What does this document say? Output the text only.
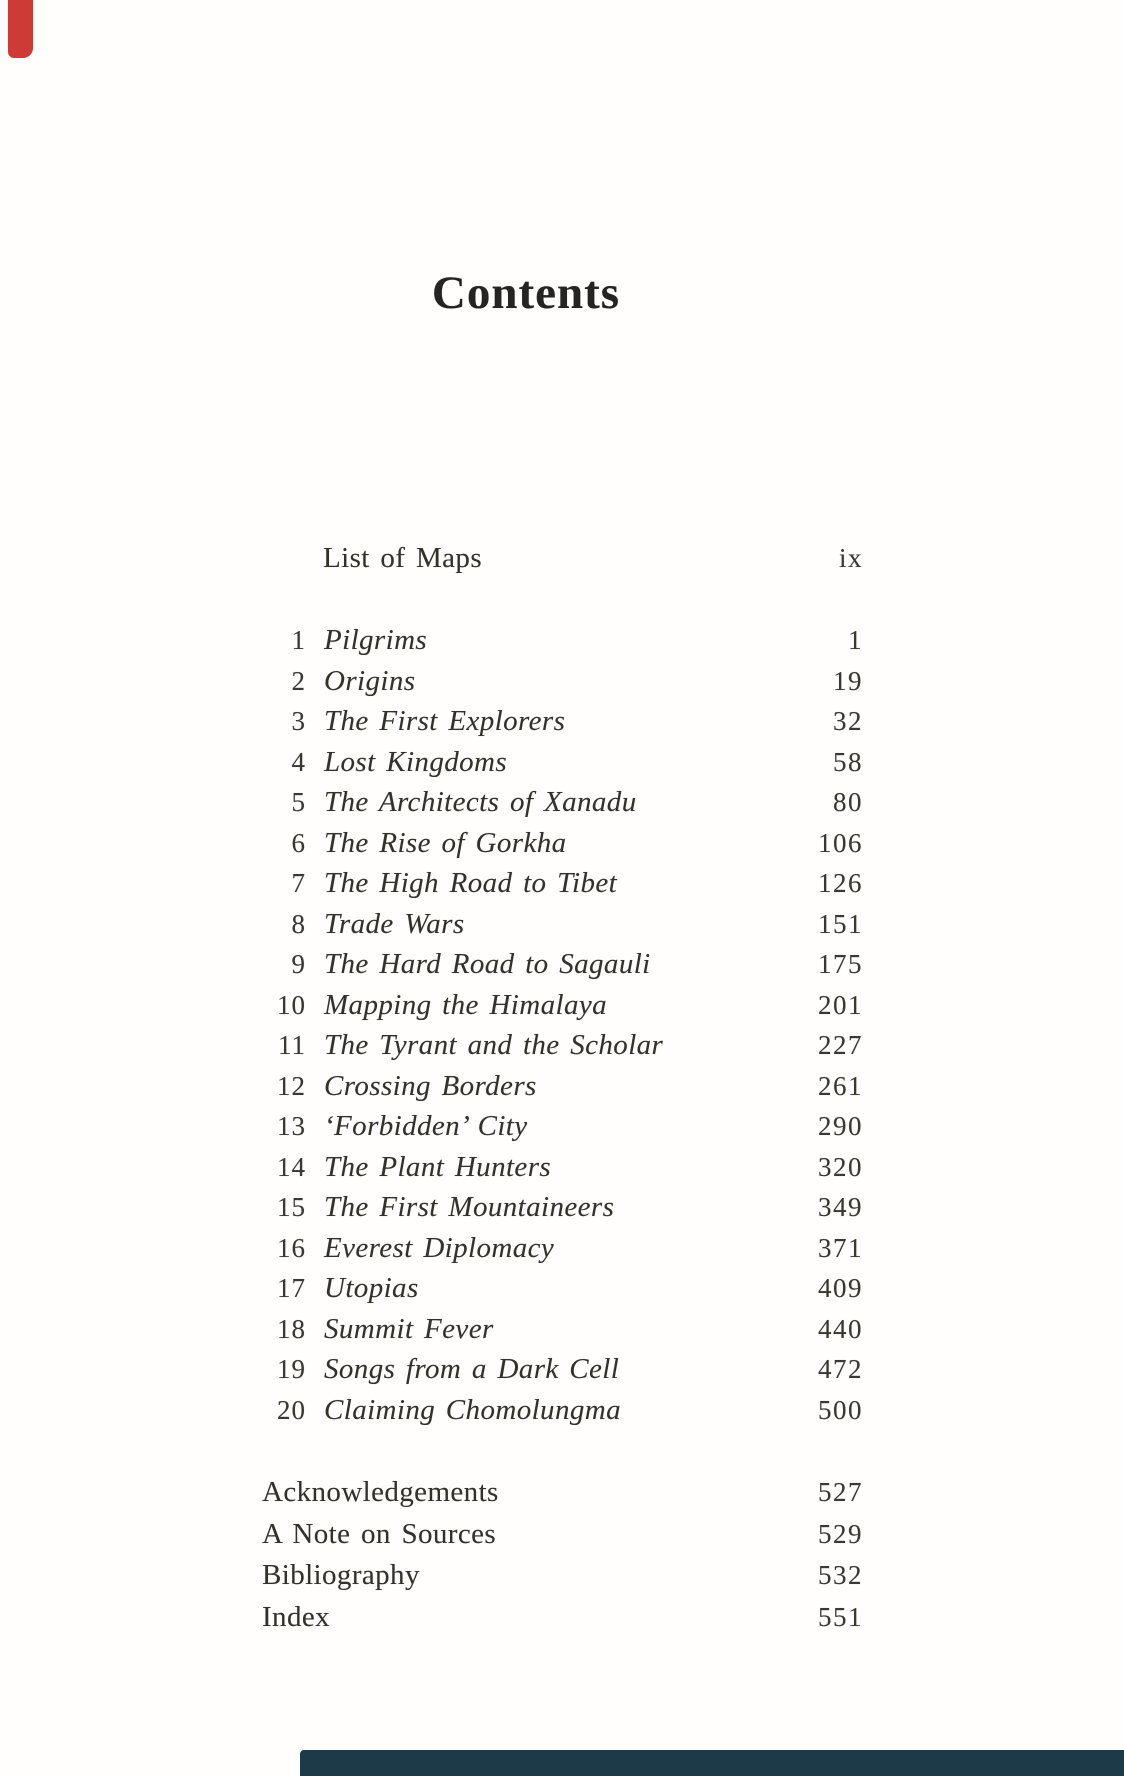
Contents
List of Maps	ix
1 Pilgrims	1
2 Origins	19
3 The First Explorers	32
4 Lost Kingdoms	58
5 The Architects of Xanadu	80
6 The Rise of Gorkha	106
7 The High Road to Tibet	126
8 Trade Wars	151
9 The Hard Road to Sagauli	175
10 Mapping the Himalaya	201
11 The Tyrant and the Scholar	227
12 Crossing Borders	261
13 ‘Forbidden’ City	290
14 The Plant Hunters	320
15 The First Mountaineers	349
16 Everest Diplomacy	371
17 Utopias	409
18 Summit Fever	440
19 Songs from a Dark Cell	472
20 Claiming Chomolungma	500
Acknowledgements	527
A Note on Sources	529
Bibliography	532
Index	551
